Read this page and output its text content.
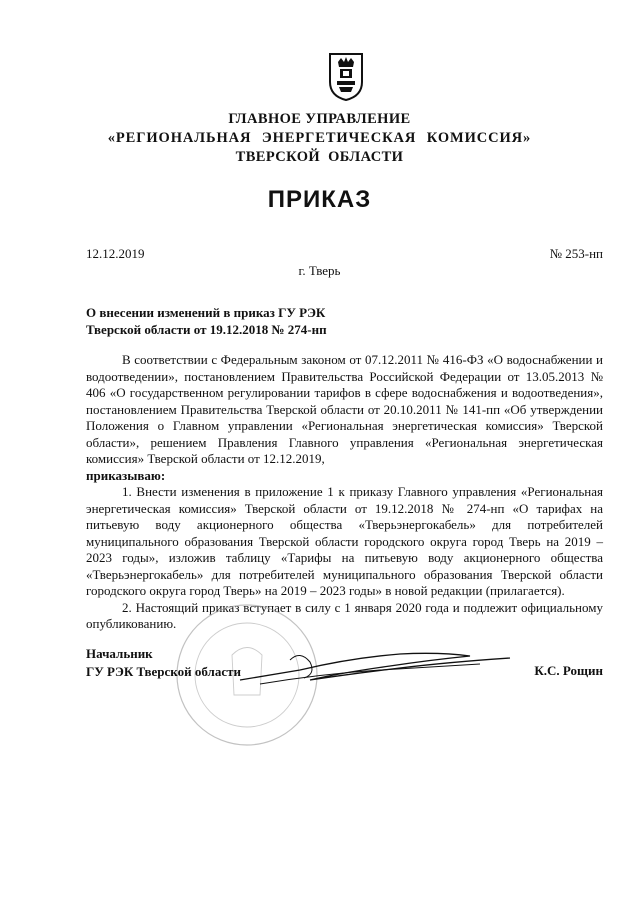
ГЛАВНОЕ УПРАВЛЕНИЕ
«РЕГИОНАЛЬНАЯ ЭНЕРГЕТИЧЕСКАЯ КОМИССИЯ»
ТВЕРСКОЙ ОБЛАСТИ
ПРИКАЗ
12.12.2019	№ 253-нп
г. Тверь
О внесении изменений в приказ ГУ РЭК
Тверской области от 19.12.2018 № 274-нп

В соответствии с Федеральным законом от 07.12.2011 № 416-ФЗ «О водоснабжении и водоотведении», постановлением Правительства Российской Федерации от 13.05.2013 № 406 «О государственном регулировании тарифов в сфере водоснабжения и водоотведения», постановлением Правительства Тверской области от 20.10.2011 № 141-пп «Об утверждении Положения о Главном управлении «Региональная энергетическая комиссия» Тверской области», решением Правления Главного управления «Региональная энергетическая комиссия» Тверской области от 12.12.2019,

приказываю:

1. Внести изменения в приложение 1 к приказу Главного управления «Региональная энергетическая комиссия» Тверской области от 19.12.2018 № 274-нп «О тарифах на питьевую воду акционерного общества «Тверьэнергокабель» для потребителей муниципального образования Тверской области городского округа город Тверь на 2019 – 2023 годы», изложив таблицу «Тарифы на питьевую воду акционерного общества «Тверьэнергокабель» для потребителей муниципального образования Тверской области городского округа город Тверь» на 2019 – 2023 годы» в новой редакции (прилагается).

2. Настоящий приказ вступает в силу с 1 января 2020 года и подлежит официальному опубликованию.

Начальник
ГУ РЭК Тверской области	К.С. Рощин
